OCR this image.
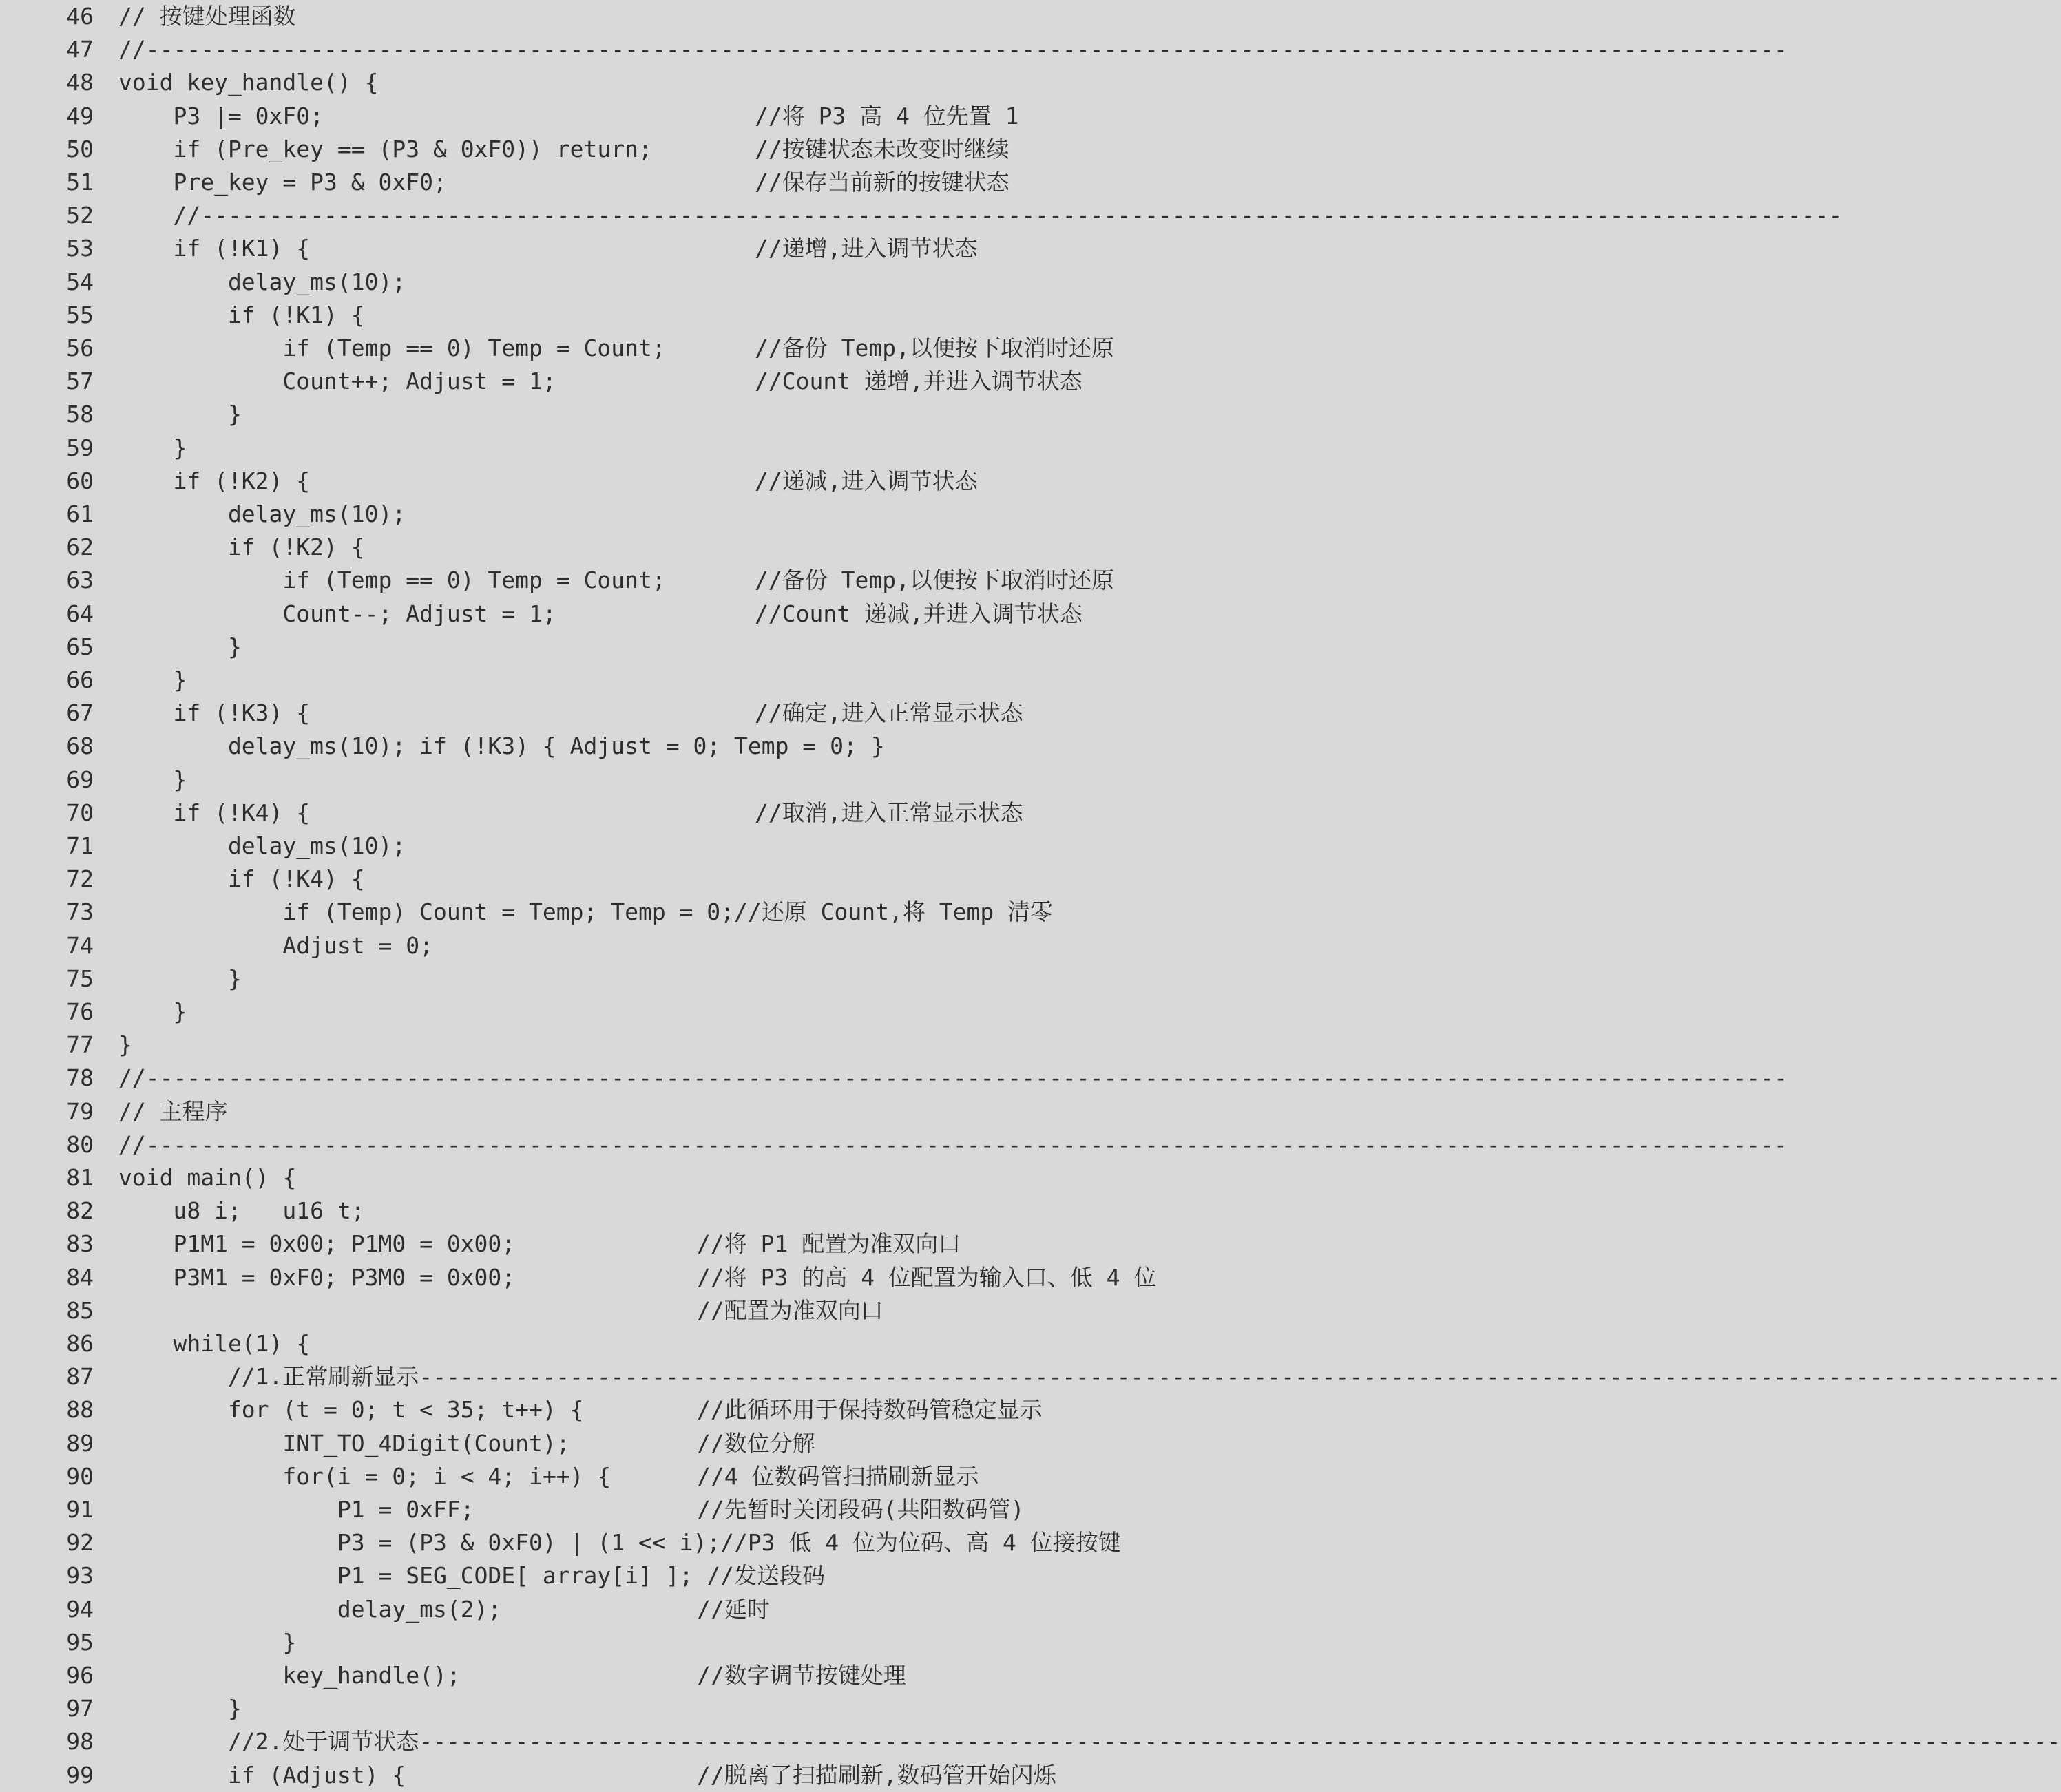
46 // 按键处理函数
47 //------------------------------------------------------------------------------------------------------------------------
48 void key_handle() {
49 P3 |= 0xF0;	//将 P3 高 4 位先置 1
50 if (Pre_key == (P3 & 0xF0)) return;	//按键状态未改变时继续
51 Pre_key = P3 & 0xF0;	//保存当前新的按键状态
52 //------------------------------------------------------------------------------------------------------------------------
53 if (!K1) {	//递增,进入调节状态
54 delay_ms(10);
55 if (!K1) {
56 if (Temp == 0) Temp = Count;	//备份 Temp,以便按下取消时还原
57 Count++; Adjust = 1;	//Count 递增,并进入调节状态
58 }
59 }
60 if (!K2) {	//递减,进入调节状态
61 delay_ms(10);
62 if (!K2) {
63 if (Temp == 0) Temp = Count;	//备份 Temp,以便按下取消时还原
64 Count--; Adjust = 1;	//Count 递减,并进入调节状态
65 }
66 }
67 if (!K3) {	//确定,进入正常显示状态
68 delay_ms(10); if (!K3) { Adjust = 0; Temp = 0; }
69 }
70 if (!K4) {	//取消,进入正常显示状态
71 delay_ms(10);
72 if (!K4) {
73 if (Temp) Count = Temp; Temp = 0;//还原 Count,将 Temp 清零
74 Adjust = 0;
75 }
76 }
77 }
78 //------------------------------------------------------------------------------------------------------------------------
79 // 主程序
80 //------------------------------------------------------------------------------------------------------------------------
81 void main() {
82 u8 i;   u16 t;
83 P1M1 = 0x00; P1M0 = 0x00;	//将 P1 配置为准双向口
84 P3M1 = 0xF0; P3M0 = 0x00;	//将 P3 的高 4 位配置为输入口、低 4 位
85	//配置为准双向口
86 while(1) {
87 //1.正常刷新显示------------------------------------------------------------------------------------------------------------------------
88 for (t = 0; t < 35; t++) {	//此循环用于保持数码管稳定显示
89 INT_TO_4Digit(Count);	//数位分解
90 for(i = 0; i < 4; i++) {	//4 位数码管扫描刷新显示
91 P1 = 0xFF;	//先暂时关闭段码(共阳数码管)
92 P3 = (P3 & 0xF0) | (1 << i);//P3 低 4 位为位码、高 4 位接按键
93 P1 = SEG_CODE[ array[i] ]; //发送段码
94 delay_ms(2);	//延时
95 }
96 key_handle();	//数字调节按键处理
97 }
98 //2.处于调节状态------------------------------------------------------------------------------------------------------------------------
99 if (Adjust) {	//脱离了扫描刷新,数码管开始闪烁
